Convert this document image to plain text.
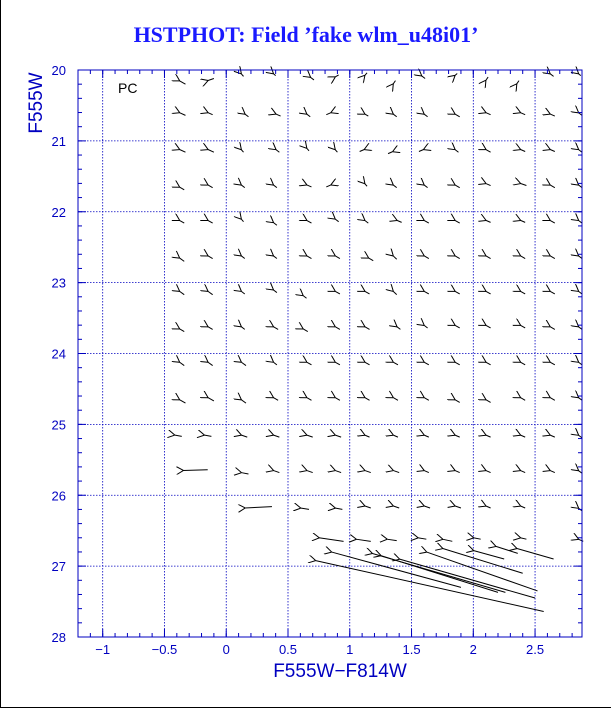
HSTPHOT: Field ’fake wlm_u48i01’
−1	−0.5	0	0.5	1	1.5	2	2.5
20
21
22
23
24
25
26
27
28
PC
F555W−F814W
F555W
